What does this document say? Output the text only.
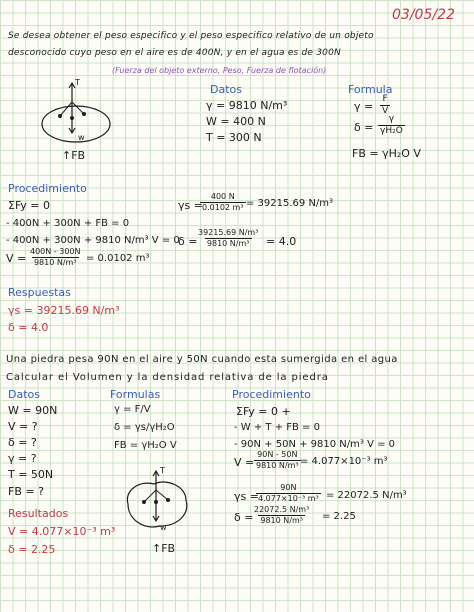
03/05/22
Se desea obtener el peso especifico y el peso especifico relativo de un objeto
desconocido cuyo peso en el aire es de 400N, y en el agua es de 300N
(Fuerza del objeto externo, Peso, Fuerza de flotación)
T
w
↑FB
Datos
γ = 9810 N/m³
W = 400 N
T = 300 N
Formula
$\gamma = \frac{F}{V}$
$\delta = \frac{\gamma}{\text{γH₂O}}$
FB = γH₂O V
Procedimiento
ΣFy = 0
- 400N + 300N + FB = 0
- 400N + 300N + 9810 N/m³ V = 0
$V = \frac{400N - 300N}{\text{9810 N/m³}} = 0.0102$ m³
γs =
$\frac{400 N}{\text{0.0102 m³}} = 39215.69$ N/m³
δ =
$\frac{\text{39215.69 N/m³}}{\text{9810 N/m³}} = 4.0$
Respuestas
γs = 39215.69 N/m³
δ = 4.0
Una piedra pesa 90N en el aire y 50N cuando esta sumergida en el agua
Calcular el Volumen y la densidad relativa de la piedra
Datos
W = 90N
V = ?
δ = ?
γ = ?
T = 50N
FB = ?
Formulas
γ = F/V
δ = γs/γH₂O
FB = γH₂O V
Procedimiento
ΣFy = 0 +
- W + T + FB = 0
- 90N + 50N + 9810 N/m³ V = 0
$V = \frac{90N - 50N}{\text{9810 N/m³}} = 4.077\times 10^{-3}$ m³
γs =
$\frac{90N}{\text{4.077×10⁻³ m³}} = 22072.5$ N/m³
δ =
$\frac{\text{22072.5 N/m³}}{\text{9810 N/m³}} = 2.25$
T
w
↑FB
Resultados
V = 4.077×10⁻³ m³
δ = 2.25
